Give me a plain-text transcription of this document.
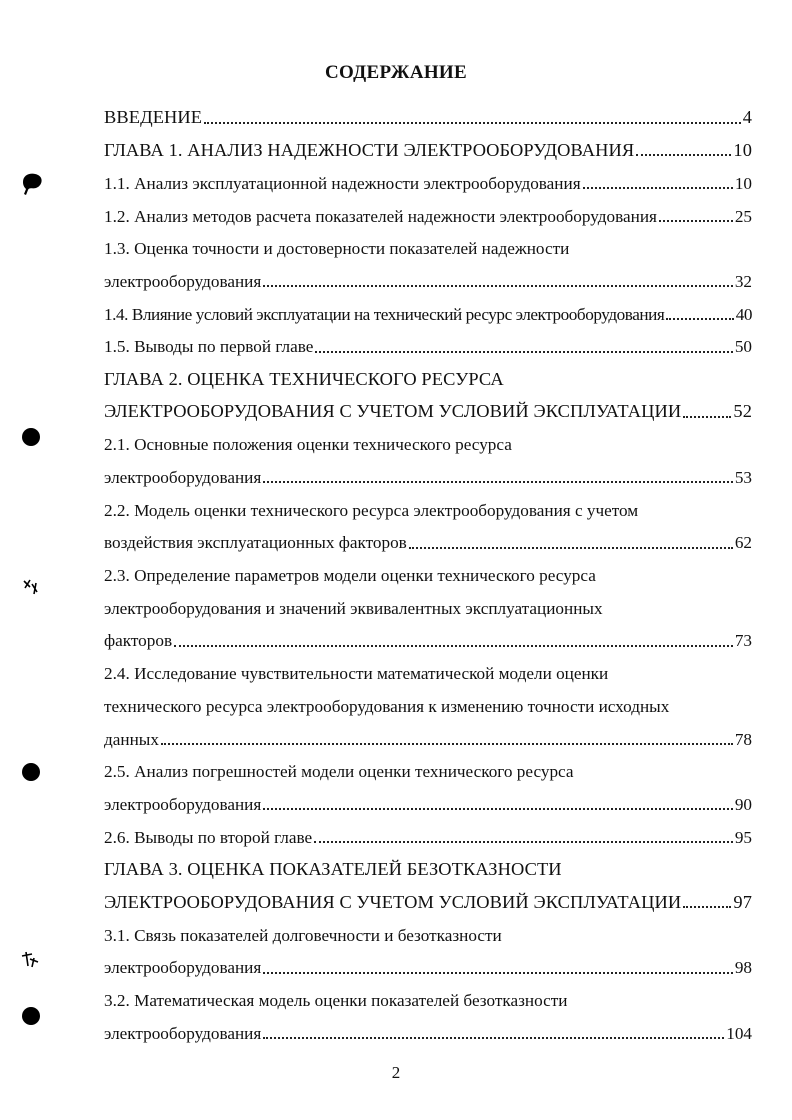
СОДЕРЖАНИЕ
ВВЕДЕНИЕ	4
ГЛАВА 1. АНАЛИЗ НАДЕЖНОСТИ ЭЛЕКТРООБОРУДОВАНИЯ	10
1.1. Анализ эксплуатационной надежности электрооборудования	10
1.2. Анализ методов расчета показателей надежности электрооборудования	25
1.3. Оценка точности и достоверности показателей надежности
электрооборудования	32
1.4. Влияние условий эксплуатации на технический ресурс электрооборудования	40
1.5. Выводы по первой главе	50
ГЛАВА 2. ОЦЕНКА ТЕХНИЧЕСКОГО РЕСУРСА
ЭЛЕКТРООБОРУДОВАНИЯ С УЧЕТОМ УСЛОВИЙ ЭКСПЛУАТАЦИИ	52
2.1. Основные положения оценки технического ресурса
электрооборудования	53
2.2. Модель оценки технического ресурса электрооборудования с учетом
воздействия эксплуатационных факторов	62
2.3. Определение параметров модели оценки технического ресурса
электрооборудования и значений эквивалентных эксплуатационных
факторов	73
2.4. Исследование чувствительности математической модели оценки
технического ресурса электрооборудования к изменению точности исходных
данных	78
2.5. Анализ погрешностей модели оценки технического ресурса
электрооборудования	90
2.6. Выводы по второй главе	95
ГЛАВА 3. ОЦЕНКА ПОКАЗАТЕЛЕЙ БЕЗОТКАЗНОСТИ
ЭЛЕКТРООБОРУДОВАНИЯ С УЧЕТОМ УСЛОВИЙ ЭКСПЛУАТАЦИИ	97
3.1. Связь показателей долговечности и безотказности
электрооборудования	98
3.2. Математическая модель оценки показателей безотказности
электрооборудования	104
2
